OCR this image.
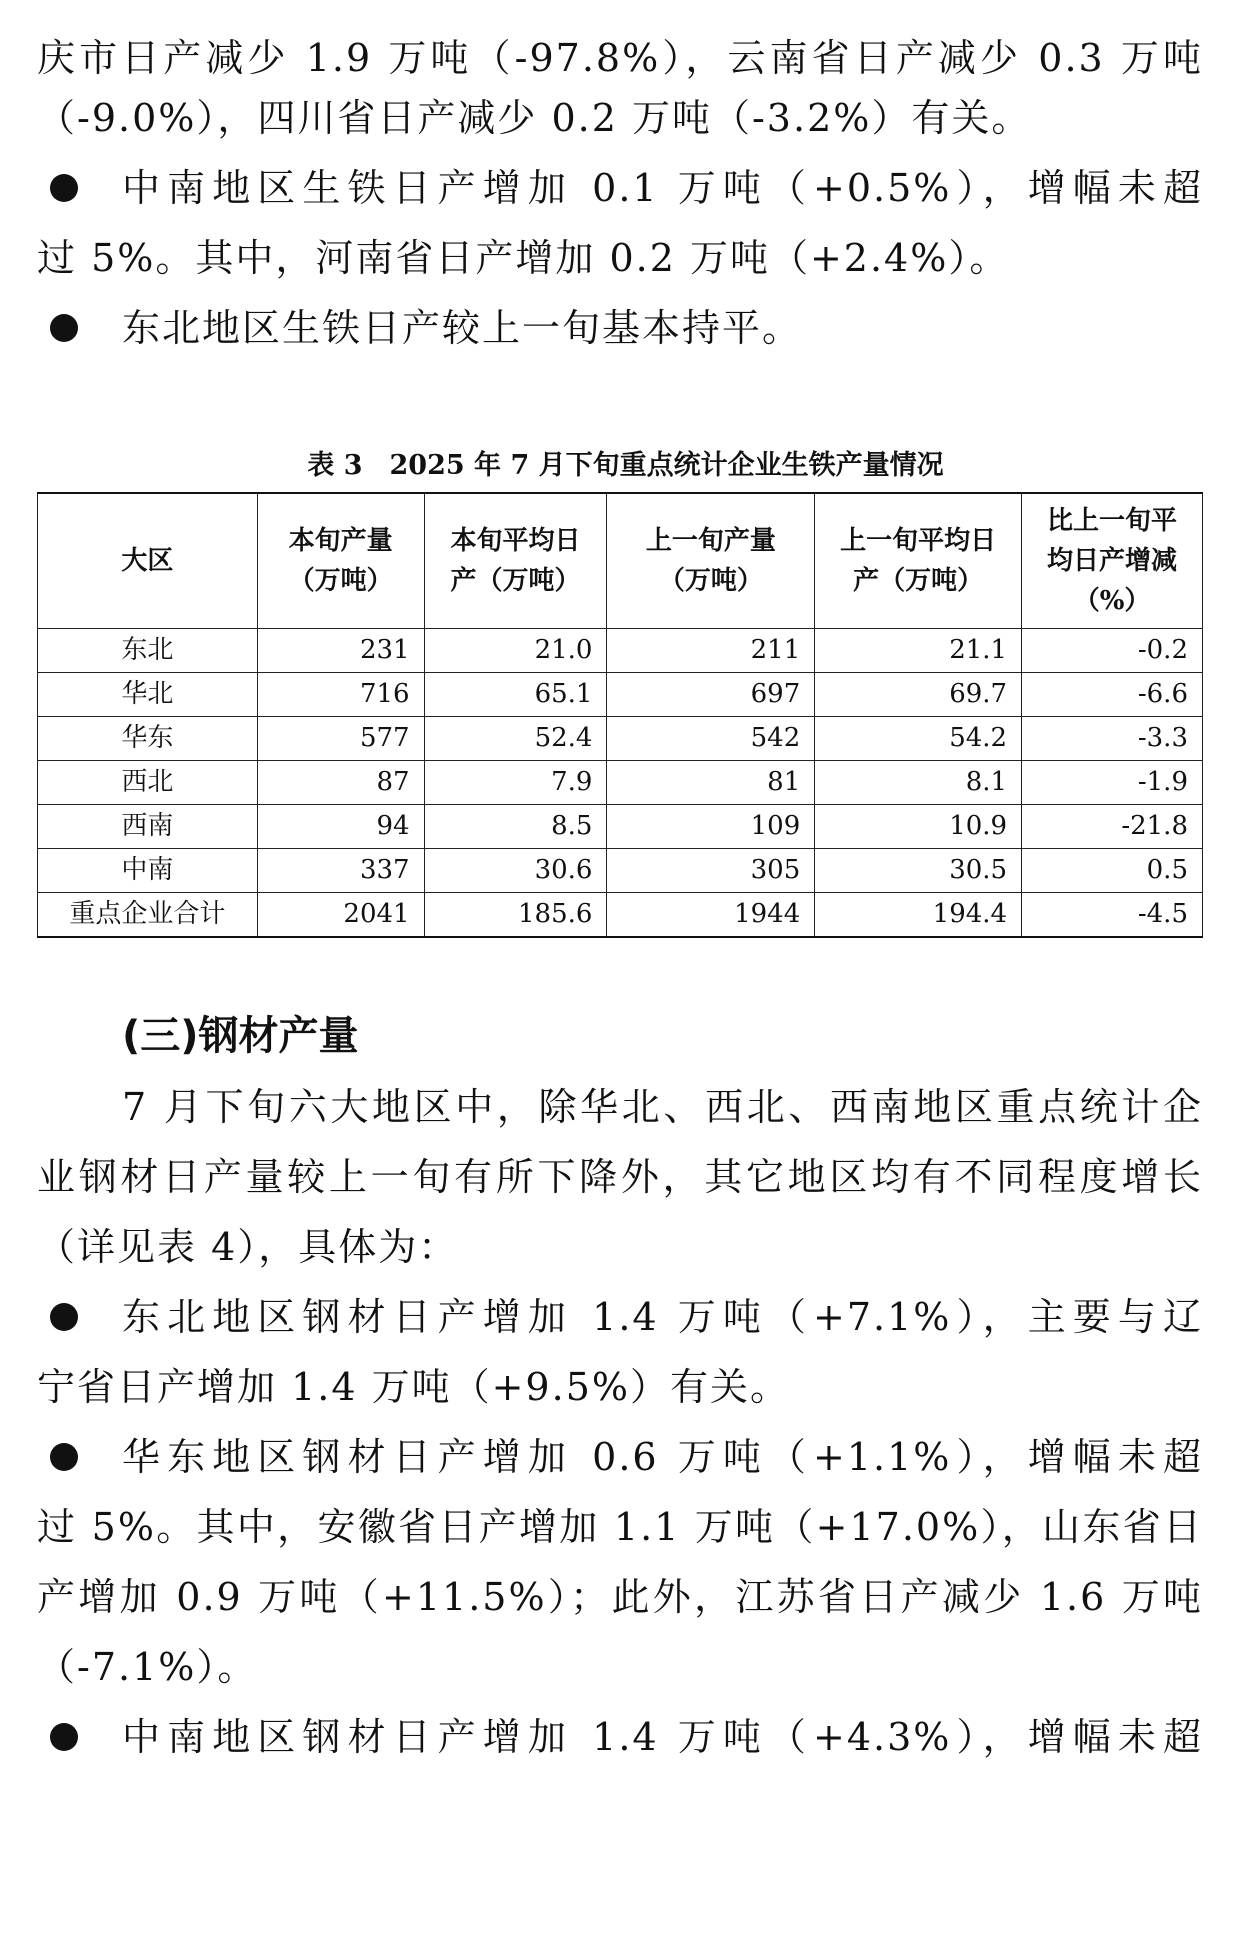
庆市日产减少 1.9 万吨（-97.8%），云南省日产减少 0.3 万吨
（-9.0%），四川省日产减少 0.2 万吨（-3.2%）有关。
中南地区生铁日产增加 0.1 万吨（+0.5%），增幅未超
过 5%。其中，河南省日产增加 0.2 万吨（+2.4%）。
东北地区生铁日产较上一旬基本持平。
表 3　2025 年 7 月下旬重点统计企业生铁产量情况
大区	本旬产量（万吨）	本旬平均日产（万吨）	上一旬产量（万吨）	上一旬平均日产（万吨）	比上一旬平均日产增减（%）
东北	231	21.0	211	21.1	-0.2
华北	716	65.1	697	69.7	-6.6
华东	577	52.4	542	54.2	-3.3
西北	87	7.9	81	8.1	-1.9
西南	94	8.5	109	10.9	-21.8
中南	337	30.6	305	30.5	0.5
重点企业合计	2041	185.6	1944	194.4	-4.5
(三)钢材产量
7 月下旬六大地区中，除华北、西北、西南地区重点统计企
业钢材日产量较上一旬有所下降外，其它地区均有不同程度增长
（详见表 4），具体为：
东北地区钢材日产增加 1.4 万吨（+7.1%），主要与辽
宁省日产增加 1.4 万吨（+9.5%）有关。
华东地区钢材日产增加 0.6 万吨（+1.1%），增幅未超
过 5%。其中，安徽省日产增加 1.1 万吨（+17.0%），山东省日
产增加 0.9 万吨（+11.5%）；此外，江苏省日产减少 1.6 万吨
（-7.1%）。
中南地区钢材日产增加 1.4 万吨（+4.3%），增幅未超
